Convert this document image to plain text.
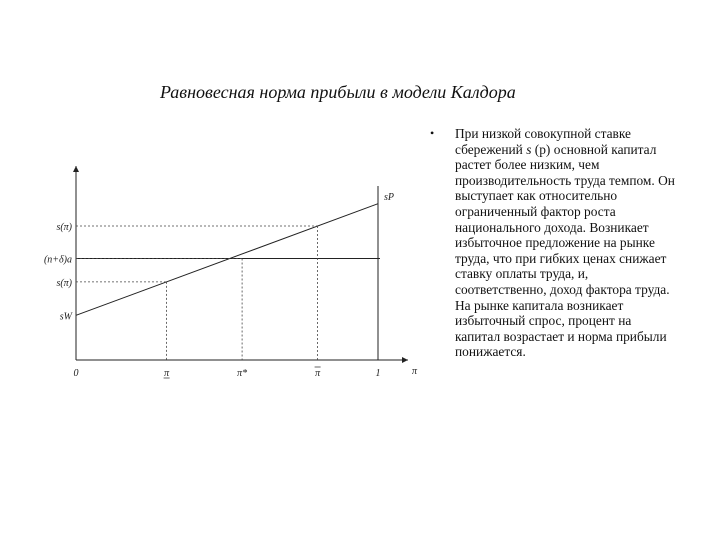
Равновесная норма прибыли в модели Калдора
• При низкой совокупной ставке сбережений s (p) основной капитал растет более низким, чем производительность труда темпом. Он выступает как относительно ограниченный фактор роста национального дохода. Возникает избыточное предложение на рынке труда, что при гибких ценах снижает ставку оплаты труда, и, соответственно, доход фактора труда. На рынке капитала возникает избыточный спрос, процент на капитал возрастает и норма прибыли понижается.
0	π	π*	π	1	π
s(π)
(n+δ)a
s(π)
sW
sP
